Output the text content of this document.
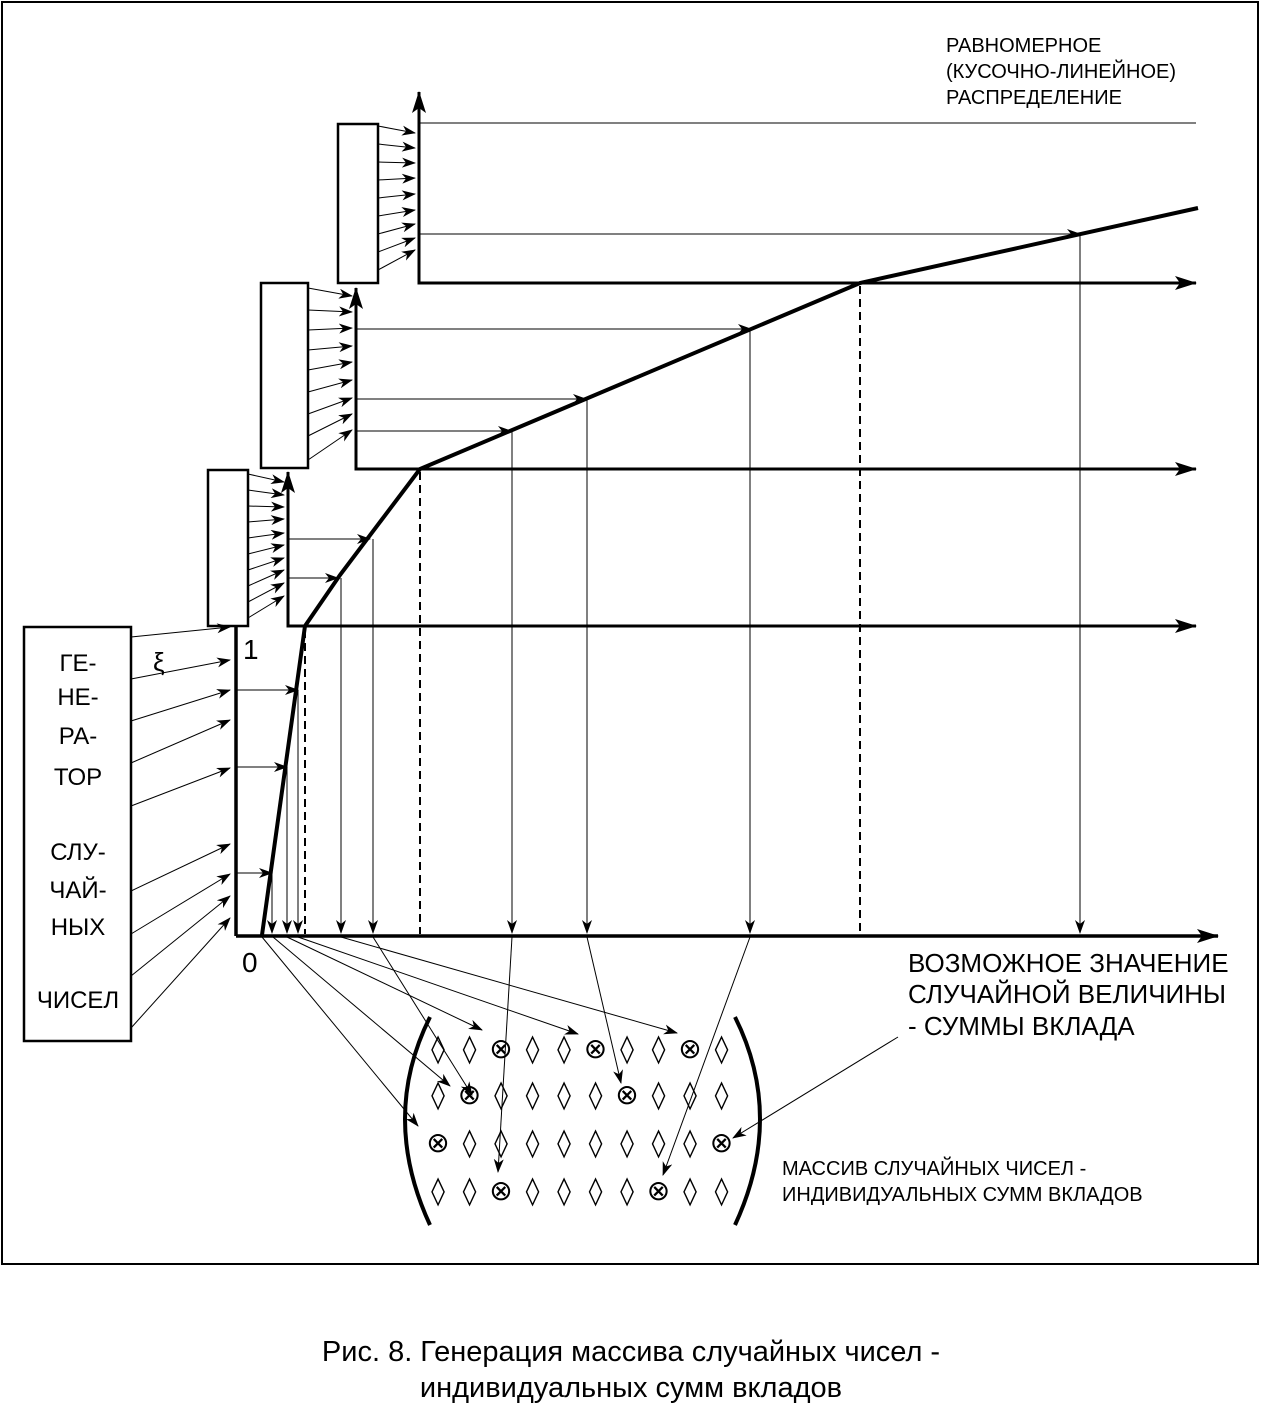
◊ ◊ ⊗ ◊ ◊ ⊗ ◊ ◊ ⊗ ◊
◊ ⊗ ◊ ◊ ◊ ◊ ⊗ ◊ ◊ ◊
⊗ ◊ ◊ ◊ ◊ ◊ ◊ ◊ ◊ ⊗
◊ ◊ ⊗ ◊ ◊ ◊ ◊ ⊗ ◊ ◊
РАВНОМЕРНОЕ
(КУСОЧНО-ЛИНЕЙНОЕ)
РАСПРЕДЕЛЕНИЕ
ГЕ-
НЕ-
РА-
ТОР
СЛУ-
ЧАЙ-
НЫХ
ЧИСЕЛ
ξ	1
0	ВОЗМОЖНОЕ ЗНАЧЕНИЕ
СЛУЧАЙНОЙ ВЕЛИЧИНЫ
- СУММЫ ВКЛАДА
МАССИВ СЛУЧАЙНЫХ ЧИСЕЛ -
ИНДИВИДУАЛЬНЫХ СУММ ВКЛАДОВ
Рис. 8. Генерация массива случайных чисел -
индивидуальных сумм вкладов
